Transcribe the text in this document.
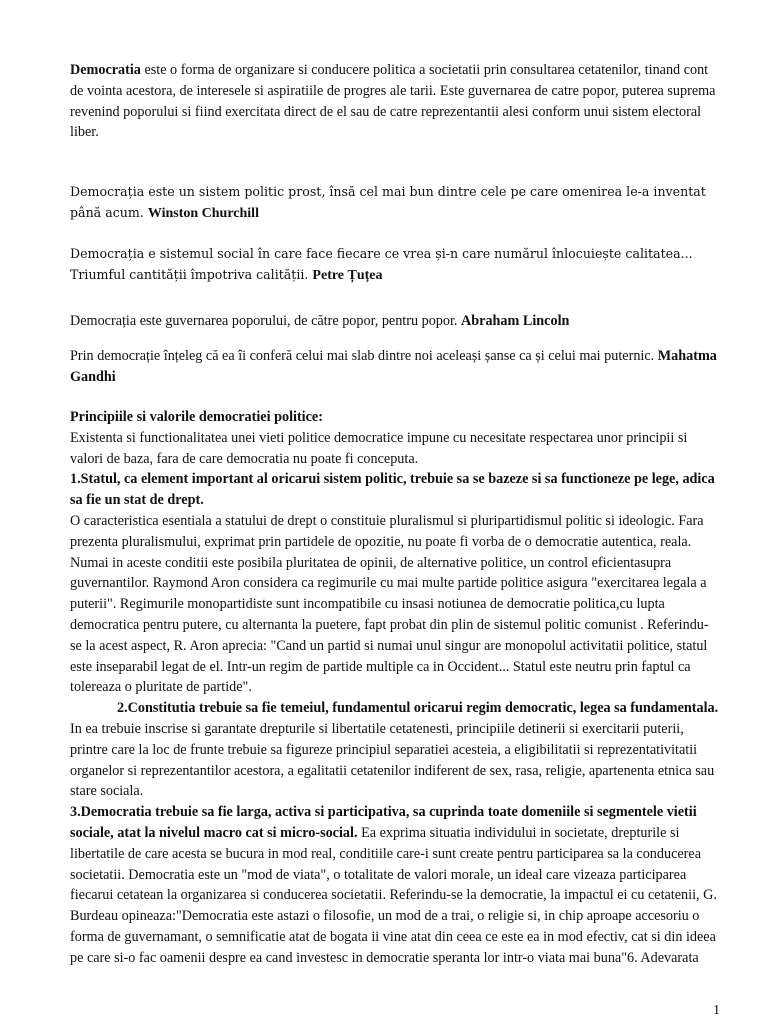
Democratia este o forma de organizare si conducere politica a societatii prin consultarea cetatenilor, tinand cont de vointa acestora, de interesele si aspiratiile de progres ale tarii. Este guvernarea de catre popor, puterea suprema revenind poporului si fiind exercitata direct de el sau de catre reprezentantii alesi conform unui sistem electoral liber.

Democrația este un sistem politic prost, însă cel mai bun dintre cele pe care omenirea le-a inventat până acum. Winston Churchill

Democrația e sistemul social în care face fiecare ce vrea și-n care numărul înlocuiește calitatea... Triumful cantității împotriva calității. Petre Țuțea

Democrația este guvernarea poporului, de către popor, pentru popor. Abraham Lincoln

Prin democrație înțeleg că ea îi conferă celui mai slab dintre noi aceleași șanse ca și celui mai puternic. Mahatma Gandhi

Principiile si valorile democratiei politice:
Existenta si functionalitatea unei vieti politice democratice impune cu necesitate respectarea unor principii si valori de baza, fara de care democratia nu poate fi conceputa.
1.Statul, ca element important al oricarui sistem politic, trebuie sa se bazeze si sa functioneze pe lege, adica sa fie un stat de drept.
O caracteristica esentiala a statului de drept o constituie pluralismul si pluripartidismul politic si ideologic. Fara prezenta pluralismului, exprimat prin partidele de opozitie, nu poate fi vorba de o democratie autentica, reala. Numai in aceste conditii este posibila pluritatea de opinii, de alternative politice, un control eficientasupra guvernantilor. Raymond Aron considera ca regimurile cu mai multe partide politice asigura "exercitarea legala a puterii". Regimurile monopartidiste sunt incompatibile cu insasi notiunea de democratie politica,cu lupta democratica pentru putere, cu alternanta la puetere, fapt probat din plin de sistemul politic comunist . Referindu-se la acest aspect, R. Aron aprecia: "Cand un partid si numai unul singur are monopolul activitatii politice, statul este inseparabil legat de el. Intr-un regim de partide multiple ca in Occident... Statul este neutru prin faptul ca tolereaza o pluritate de partide".
2.Constitutia trebuie sa fie temeiul, fundamentul oricarui regim democratic, legea sa fundamentala. In ea trebuie inscrise si garantate drepturile si libertatile cetatenesti, principiile detinerii si exercitarii puterii, printre care la loc de frunte trebuie sa figureze principiul separatiei acesteia, a eligibilitatii si reprezentativitatii organelor si reprezentantilor acestora, a egalitatii cetatenilor indiferent de sex, rasa, religie, apartenenta etnica sau stare sociala.
3.Democratia trebuie sa fie larga, activa si participativa, sa cuprinda toate domeniile si segmentele vietii sociale, atat la nivelul macro cat si micro-social. Ea exprima situatia individului in societate, drepturile si libertatile de care acesta se bucura in mod real, conditiile care-i sunt create pentru participarea sa la conducerea societatii. Democratia este un "mod de viata", o totalitate de valori morale, un ideal care vizeaza participarea fiecarui cetatean la organizarea si conducerea societatii. Referindu-se la democratie, la impactul ei cu cetatenii, G. Burdeau opineaza:"Democratia este astazi o filosofie, un mod de a trai, o religie si, in chip aproape accesoriu o forma de guvernamant, o semnificatie atat de bogata ii vine atat din ceea ce este ea in mod efectiv, cat si din ideea pe care si-o fac oamenii despre ea cand investesc in democratie speranta lor intr-o viata mai buna"6. Adevarata
1
